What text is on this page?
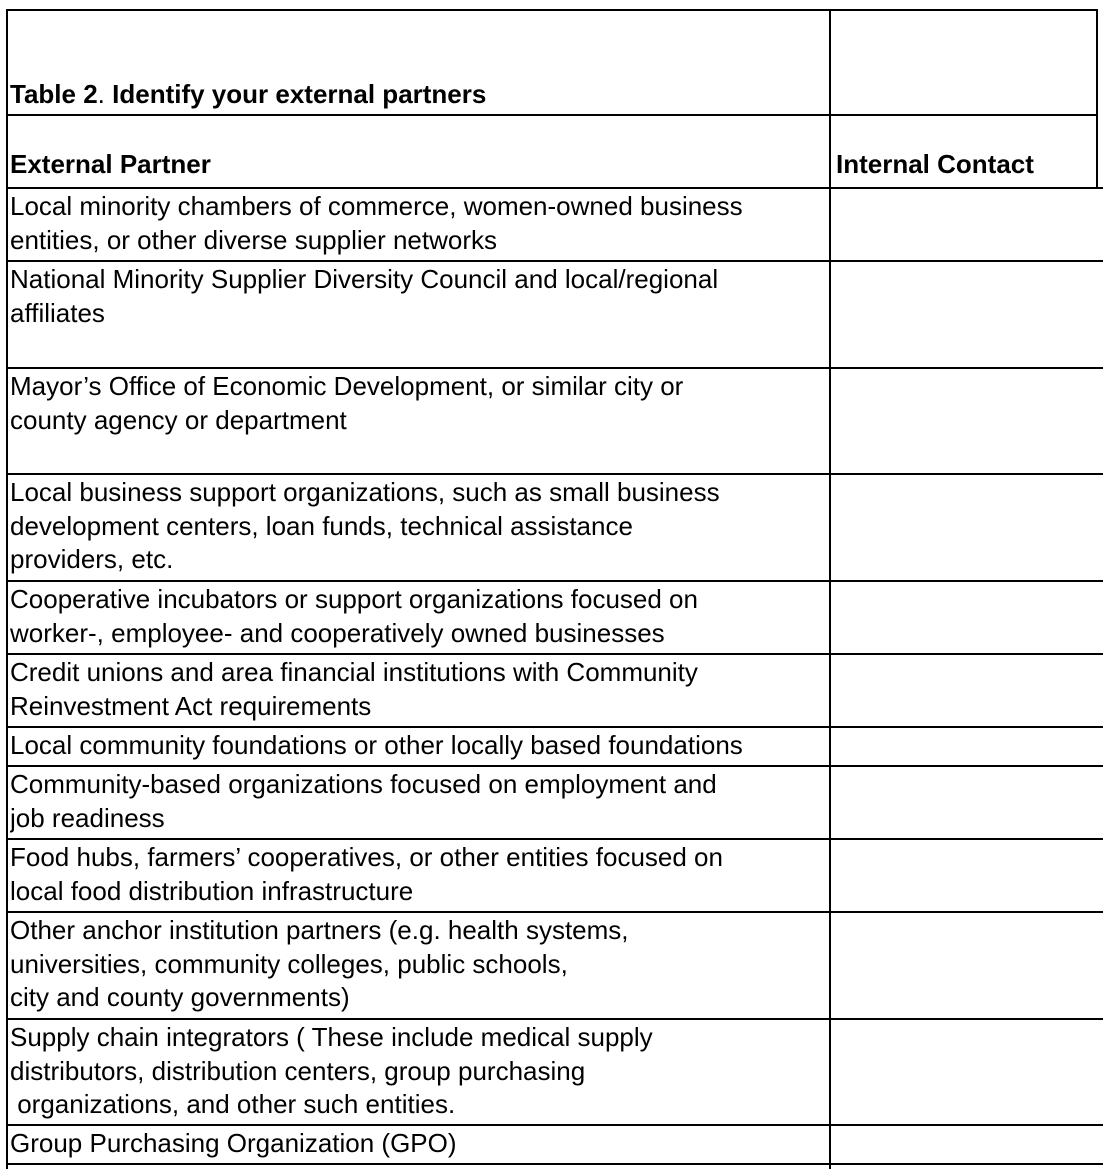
Table 2. Identify your external partners

External Partner	Internal Contact
Local minority chambers of commerce, women-owned business
entities, or other diverse supplier networks
National Minority Supplier Diversity Council and local/regional
affiliates
Mayor’s Office of Economic Development, or similar city or
county agency or department
Local business support organizations, such as small business
development centers, loan funds, technical assistance
providers, etc.
Cooperative incubators or support organizations focused on
worker-, employee- and cooperatively owned businesses
Credit unions and area financial institutions with Community
Reinvestment Act requirements
Local community foundations or other locally based foundations
Community-based organizations focused on employment and
job readiness
Food hubs, farmers’ cooperatives, or other entities focused on
local food distribution infrastructure
Other anchor institution partners (e.g. health systems,
universities, community colleges, public schools,
city and county governments)
Supply chain integrators ( These include medical supply
distributors, distribution centers, group purchasing
organizations, and other such entities.
Group Purchasing Organization (GPO)
